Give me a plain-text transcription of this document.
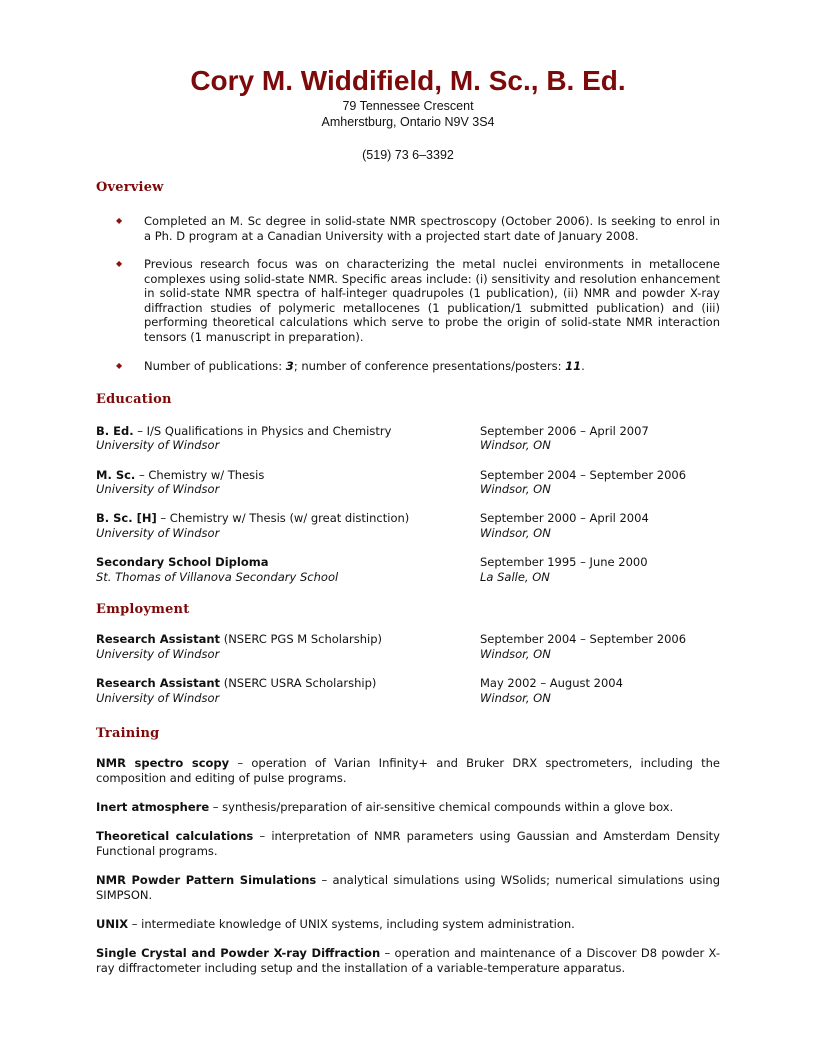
Cory M. Widdifield, M. Sc., B. Ed.
79 Tennessee Crescent
Amherstburg, Ontario N9V 3S4
(519) 73 6–3392
Overview
◆ Completed an M. Sc degree in solid-state NMR spectroscopy (October 2006). Is seeking to enrol in a Ph. D program at a Canadian University with a projected start date of January 2008.
◆ Previous research focus was on characterizing the metal nuclei environments in metallocene complexes using solid-state NMR. Specific areas include: (i) sensitivity and resolution enhancement in solid-state NMR spectra of half-integer quadrupoles (1 publication), (ii) NMR and powder X-ray diffraction studies of polymeric metallocenes (1 publication/1 submitted publication) and (iii) performing theoretical calculations which serve to probe the origin of solid-state NMR interaction tensors (1 manuscript in preparation).
◆ Number of publications: 3; number of conference presentations/posters: 11.
Education
B. Ed. – I/S Qualifications in Physics and Chemistry
University of Windsor
September 2006 – April 2007
Windsor, ON
M. Sc. – Chemistry w/ Thesis
University of Windsor
September 2004 – September 2006
Windsor, ON
B. Sc. [H] – Chemistry w/ Thesis (w/ great distinction)
University of Windsor
September 2000 – April 2004
Windsor, ON
Secondary School Diploma
St. Thomas of Villanova Secondary School
September 1995 – June 2000
La Salle, ON
Employment
Research Assistant (NSERC PGS M Scholarship)
University of Windsor
September 2004 – September 2006
Windsor, ON
Research Assistant (NSERC USRA Scholarship)
University of Windsor
May 2002 – August 2004
Windsor, ON
Training
NMR spectro scopy – operation of Varian Infinity+ and Bruker DRX spectrometers, including the composition and editing of pulse programs.
Inert atmosphere – synthesis/preparation of air-sensitive chemical compounds within a glove box.
Theoretical calculations – interpretation of NMR parameters using Gaussian and Amsterdam Density Functional programs.
NMR Powder Pattern Simulations – analytical simulations using WSolids; numerical simulations using SIMPSON.
UNIX – intermediate knowledge of UNIX systems, including system administration.
Single Crystal and Powder X-ray Diffraction – operation and maintenance of a Discover D8 powder X-ray diffractometer including setup and the installation of a variable-temperature apparatus.
